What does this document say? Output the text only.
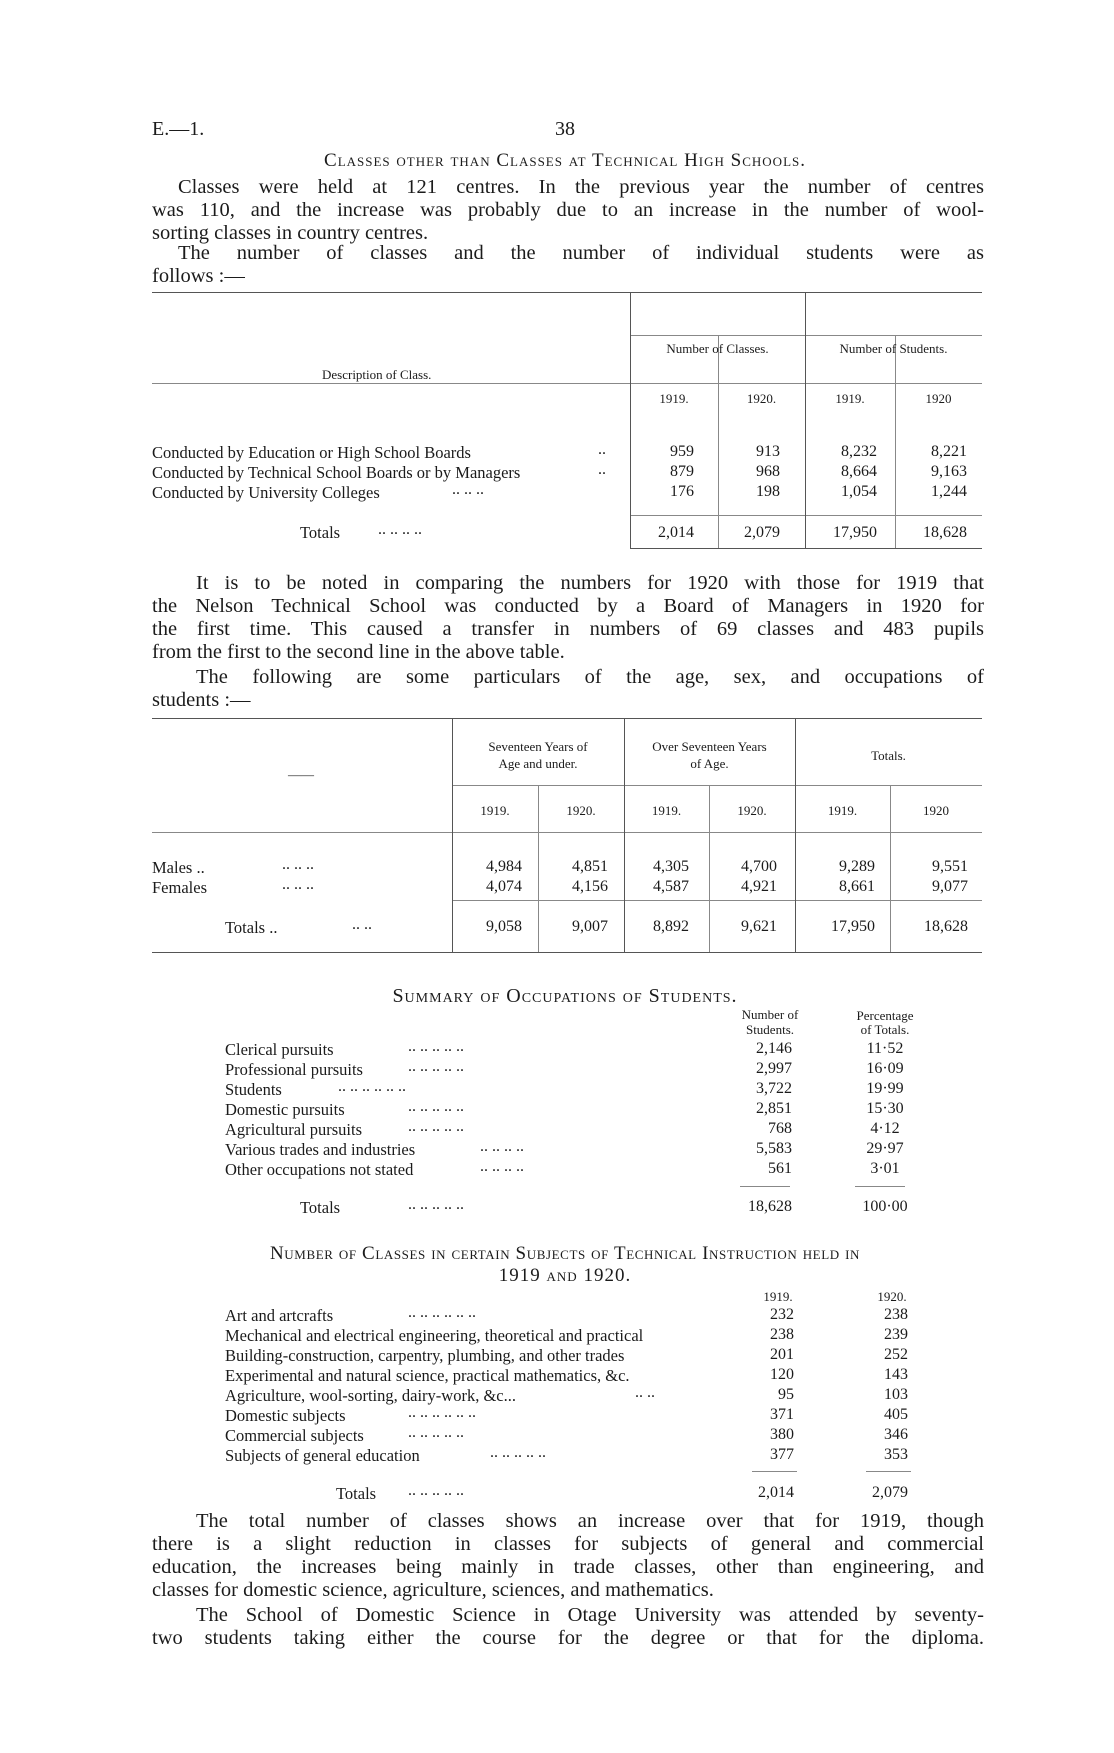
E.—1.	38
Classes other than Classes at Technical High Schools.
Classes were held at 121 centres. In the previous year the number of centres
was 110, and the increase was probably due to an increase in the number of wool-
sorting classes in country centres.
The number of classes and the number of individual students were as
follows :—
Description of Class.
Number of Classes.	Number of Students.
1919.	1920.	1919.	1920
Conducted by Education or High School Boards	..	959	913	8,232	8,221
Conducted by Technical School Boards or by Managers	..	879	968	8,664	9,163
Conducted by University Colleges	.. .. ..	176	198	1,054	1,244
Totals .. .. .. ..	2,014	2,079	17,950	18,628
It is to be noted in comparing the numbers for 1920 with those for 1919 that
the Nelson Technical School was conducted by a Board of Managers in 1920 for
the first time. This caused a transfer in numbers of 69 classes and 483 pupils
from the first to the second line in the above table.
The following are some particulars of the age, sex, and occupations of
students :—
——
Seventeen Years of
Age and under.
Over Seventeen Years
of Age.
Totals.
1919.	1920.	1919.	1920.	1919.	1920
Males ..	.. .. ..	4,984	4,851	4,305	4,700	9,289	9,551
Females	.. .. ..	4,074	4,156	4,587	4,921	8,661	9,077
Totals ..	.. ..	9,058	9,007	8,892	9,621	17,950	18,628
Summary of Occupations of Students.
Number of
Students.
Percentage
of Totals.
Clerical pursuits	.. .. .. .. ..	2,146	11·52
Professional pursuits	.. .. .. .. ..	2,997	16·09
Students	.. .. .. .. .. ..	3,722	19·99
Domestic pursuits	.. .. .. .. ..	2,851	15·30
Agricultural pursuits	.. .. .. .. ..	768	4·12
Various trades and industries	.. .. .. ..	5,583	29·97
Other occupations not stated	.. .. .. ..	561	3·01
Totals	.. .. .. .. ..	18,628	100·00
Number of Classes in certain Subjects of Technical Instruction held in
1919 and 1920.
1919.	1920.
Art and artcrafts	.. .. .. .. .. ..	232	238
Mechanical and electrical engineering, theoretical and practical	238	239
Building-construction, carpentry, plumbing, and other trades	201	252
Experimental and natural science, practical mathematics, &c.	120	143
Agriculture, wool-sorting, dairy-work, &c...	.. ..	95	103
Domestic subjects	.. .. .. .. .. ..	371	405
Commercial subjects	.. .. .. .. ..	380	346
Subjects of general education	.. .. .. .. ..	377	353
Totals .. .. .. .. ..	2,014	2,079
The total number of classes shows an increase over that for 1919, though
there is a slight reduction in classes for subjects of general and commercial
education, the increases being mainly in trade classes, other than engineering, and
classes for domestic science, agriculture, sciences, and mathematics.
The School of Domestic Science in Otage University was attended by seventy-
two students taking either the course for the degree or that for the diploma.
